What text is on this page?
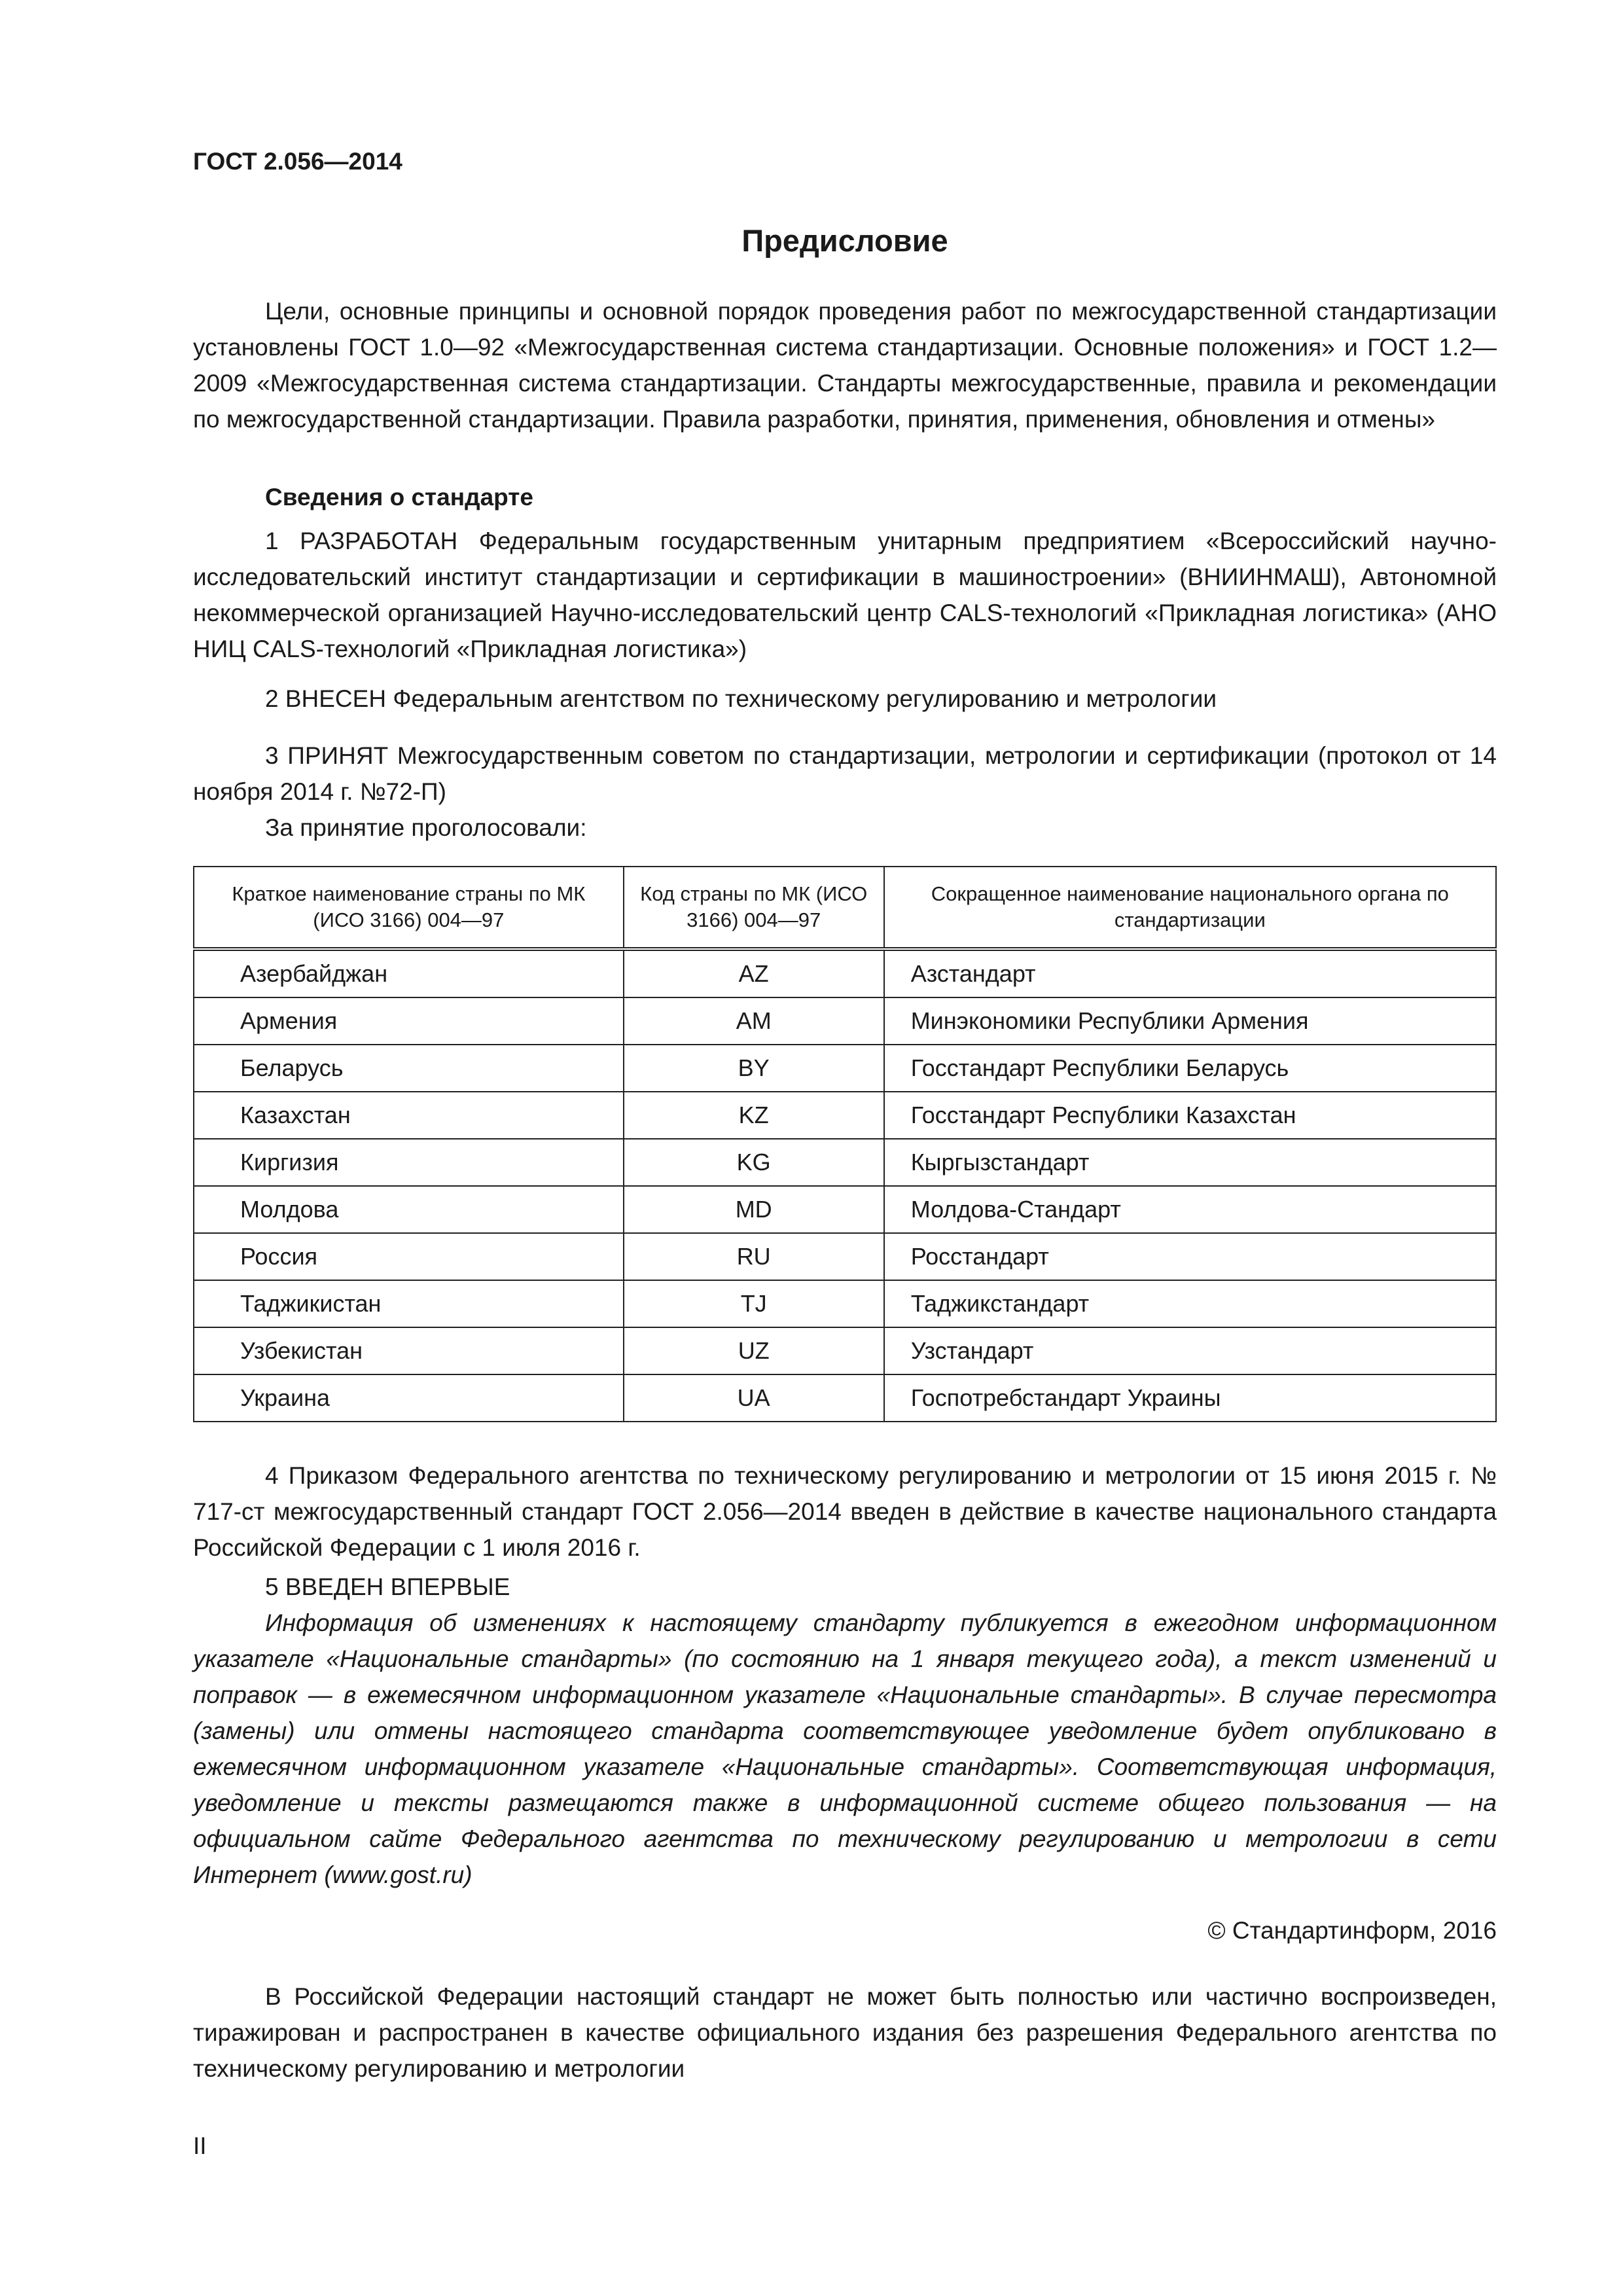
ГОСТ 2.056—2014
Предисловие

Цели, основные принципы и основной порядок проведения работ по межгосударственной стандартизации установлены ГОСТ 1.0—92 «Межгосударственная система стандартизации. Основные положения» и ГОСТ 1.2—2009 «Межгосударственная система стандартизации. Стандарты межгосударственные, правила и рекомендации по межгосударственной стандартизации. Правила разработки, принятия, применения, обновления и отмены»

Сведения о стандарте

1 РАЗРАБОТАН Федеральным государственным унитарным предприятием «Всероссийский научно-исследовательский институт стандартизации и сертификации в машиностроении» (ВНИИНМАШ), Автономной некоммерческой организацией Научно-исследовательский центр CALS-технологий «Прикладная логистика» (АНО НИЦ CALS-технологий «Прикладная логистика»)

2 ВНЕСЕН Федеральным агентством по техническому регулированию и метрологии

3 ПРИНЯТ Межгосударственным советом по стандартизации, метрологии и сертификации (протокол от 14 ноября 2014 г. №72-П)

За принятие проголосовали:

Краткое наименование страны по МК (ИСО 3166) 004—97	Код страны по МК (ИСО 3166) 004—97	Сокращенное наименование национального органа по стандартизации
Азербайджан	AZ	Азстандарт
Армения	AM	Минэкономики Республики Армения
Беларусь	BY	Госстандарт Республики Беларусь
Казахстан	KZ	Госстандарт Республики Казахстан
Киргизия	KG	Кыргызстандарт
Молдова	MD	Молдова-Стандарт
Россия	RU	Росстандарт
Таджикистан	TJ	Таджикстандарт
Узбекистан	UZ	Узстандарт
Украина	UA	Госпотребстандарт Украины

4 Приказом Федерального агентства по техническому регулированию и метрологии от 15 июня 2015 г. № 717-ст межгосударственный стандарт ГОСТ 2.056—2014 введен в действие в качестве национального стандарта Российской Федерации с 1 июля 2016 г.

5 ВВЕДЕН ВПЕРВЫЕ

Информация об изменениях к настоящему стандарту публикуется в ежегодном информационном указателе «Национальные стандарты» (по состоянию на 1 января текущего года), а текст изменений и поправок — в ежемесячном информационном указателе «Национальные стандарты». В случае пересмотра (замены) или отмены настоящего стандарта соответствующее уведомление будет опубликовано в ежемесячном информационном указателе «Национальные стандарты». Соответствующая информация, уведомление и тексты размещаются также в информационной системе общего пользования — на официальном сайте Федерального агентства по техническому регулированию и метрологии в сети Интернет (www.gost.ru)

© Стандартинформ, 2016

В Российской Федерации настоящий стандарт не может быть полностью или частично воспроизведен, тиражирован и распространен в качестве официального издания без разрешения Федерального агентства по техническому регулированию и метрологии

II
